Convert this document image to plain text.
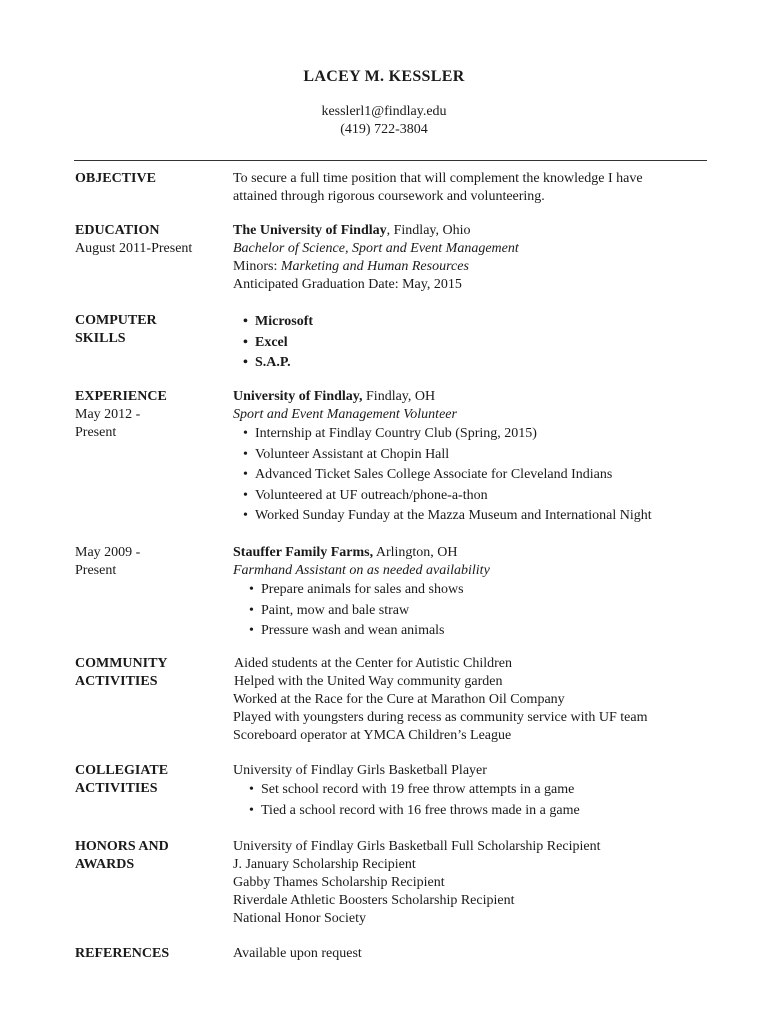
LACEY M. KESSLER
kesslerl1@findlay.edu
(419) 722-3804
OBJECTIVE	To secure a full time position that will complement the knowledge I have
attained through rigorous coursework and volunteering.
EDUCATION
August 2011-Present
The University of Findlay, Findlay, Ohio
Bachelor of Science, Sport and Event Management
Minors: Marketing and Human Resources
Anticipated Graduation Date: May, 2015
COMPUTER
SKILLS
• Microsoft
• Excel
• S.A.P.
EXPERIENCE
May 2012 -
Present
University of Findlay, Findlay, OH
Sport and Event Management Volunteer
• Internship at Findlay Country Club (Spring, 2015)
• Volunteer Assistant at Chopin Hall
• Advanced Ticket Sales College Associate for Cleveland Indians
• Volunteered at UF outreach/phone-a-thon
• Worked Sunday Funday at the Mazza Museum and International Night
May 2009 -
Present
Stauffer Family Farms, Arlington, OH
Farmhand Assistant on as needed availability
• Prepare animals for sales and shows
• Paint, mow and bale straw
• Pressure wash and wean animals
COMMUNITY
ACTIVITIES
Aided students at the Center for Autistic Children
Helped with the United Way community garden
Worked at the Race for the Cure at Marathon Oil Company
Played with youngsters during recess as community service with UF team
Scoreboard operator at YMCA Children’s League
COLLEGIATE
ACTIVITIES
University of Findlay Girls Basketball Player
• Set school record with 19 free throw attempts in a game
• Tied a school record with 16 free throws made in a game
HONORS AND
AWARDS
University of Findlay Girls Basketball Full Scholarship Recipient
J. January Scholarship Recipient
Gabby Thames Scholarship Recipient
Riverdale Athletic Boosters Scholarship Recipient
National Honor Society
REFERENCES	Available upon request
